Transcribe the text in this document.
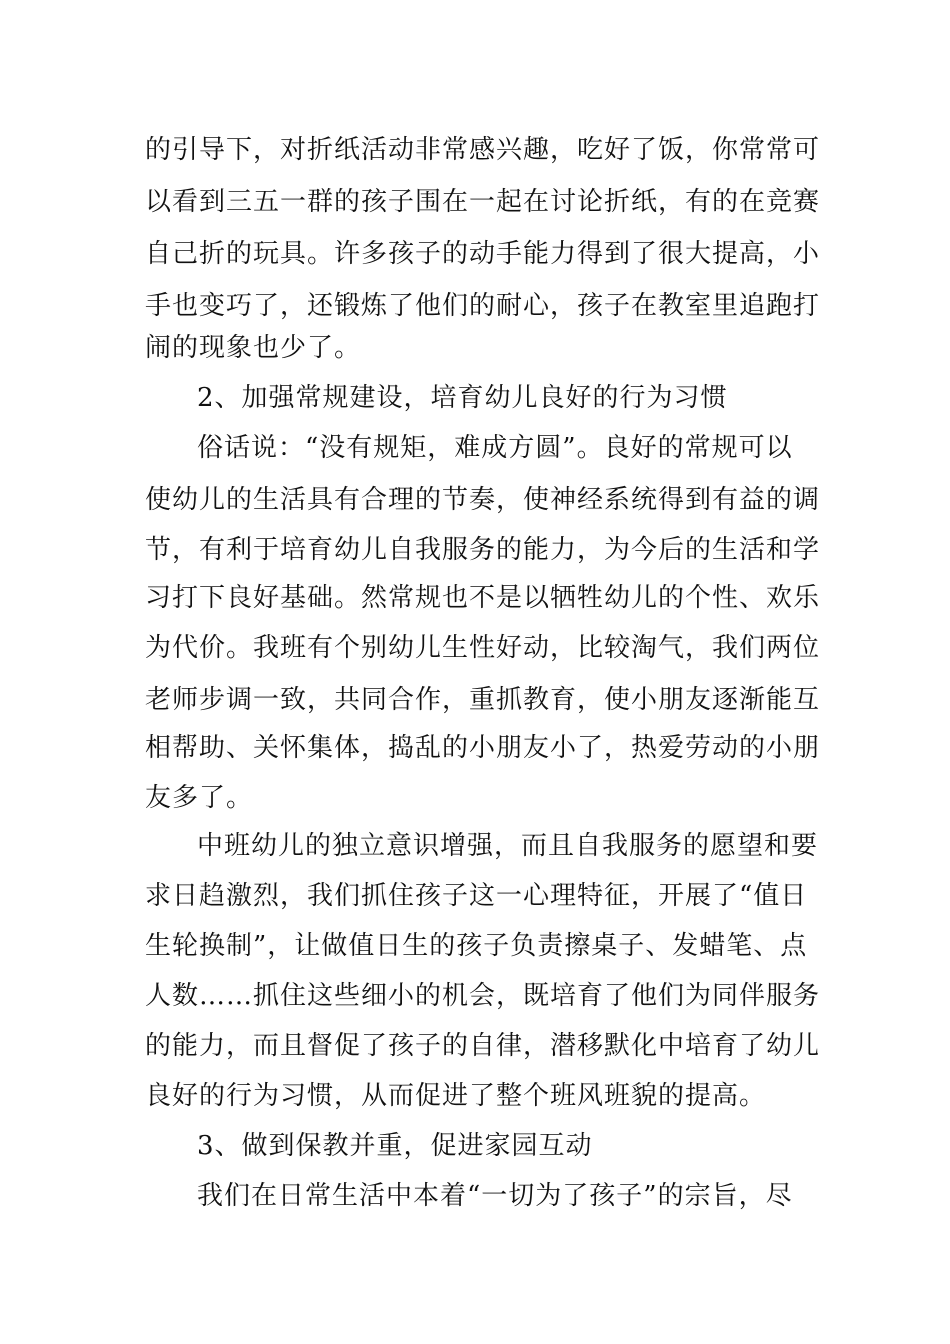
的引导下，对折纸活动非常感兴趣，吃好了饭，你常常可

以看到三五一群的孩子围在一起在讨论折纸，有的在竞赛

自己折的玩具。许多孩子的动手能力得到了很大提高，小

手也变巧了，还锻炼了他们的耐心，孩子在教室里追跑打

闹的现象也少了。

2、加强常规建设，培育幼儿良好的行为习惯

俗话说：“没有规矩，难成方圆”。良好的常规可以

使幼儿的生活具有合理的节奏，使神经系统得到有益的调

节，有利于培育幼儿自我服务的能力，为今后的生活和学

习打下良好基础。然常规也不是以牺牲幼儿的个性、欢乐

为代价。我班有个别幼儿生性好动，比较淘气，我们两位

老师步调一致，共同合作，重抓教育，使小朋友逐渐能互

相帮助、关怀集体，捣乱的小朋友小了，热爱劳动的小朋

友多了。

中班幼儿的独立意识增强，而且自我服务的愿望和要

求日趋激烈，我们抓住孩子这一心理特征，开展了“值日

生轮换制”，让做值日生的孩子负责擦桌子、发蜡笔、点

人数……抓住这些细小的机会，既培育了他们为同伴服务

的能力，而且督促了孩子的自律，潜移默化中培育了幼儿

良好的行为习惯，从而促进了整个班风班貌的提高。

3、做到保教并重，促进家园互动

我们在日常生活中本着“一切为了孩子”的宗旨，尽
